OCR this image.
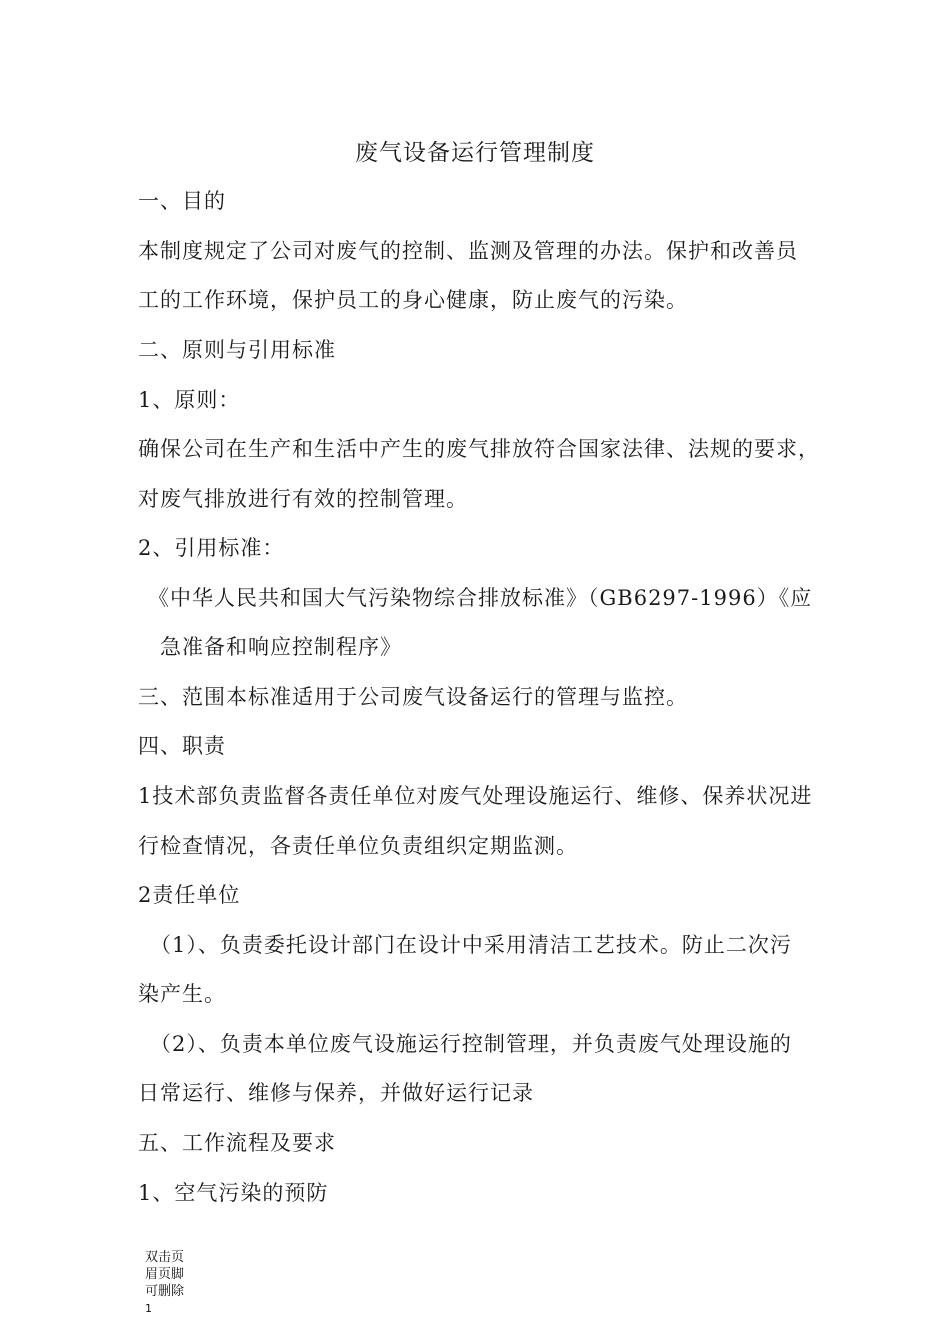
废气设备运行管理制度
一、目的
本制度规定了公司对废气的控制、监测及管理的办法。保护和改善员
工的工作环境，保护员工的身心健康，防止废气的污染。
二、原则与引用标准
1、原则：
确保公司在生产和生活中产生的废气排放符合国家法律、法规的要求，
对废气排放进行有效的控制管理。
2、引用标准：
《中华人民共和国大气污染物综合排放标准》（GB6297-1996）《应
急准备和响应控制程序》
三、范围本标准适用于公司废气设备运行的管理与监控。
四、职责
1技术部负责监督各责任单位对废气处理设施运行、维修、保养状况进
行检查情况，各责任单位负责组织定期监测。
2责任单位
（1）、负责委托设计部门在设计中采用清洁工艺技术。防止二次污
染产生。
（2）、负责本单位废气设施运行控制管理，并负责废气处理设施的
日常运行、维修与保养，并做好运行记录
五、工作流程及要求
1、空气污染的预防
双击页
眉页脚
可删除
1
